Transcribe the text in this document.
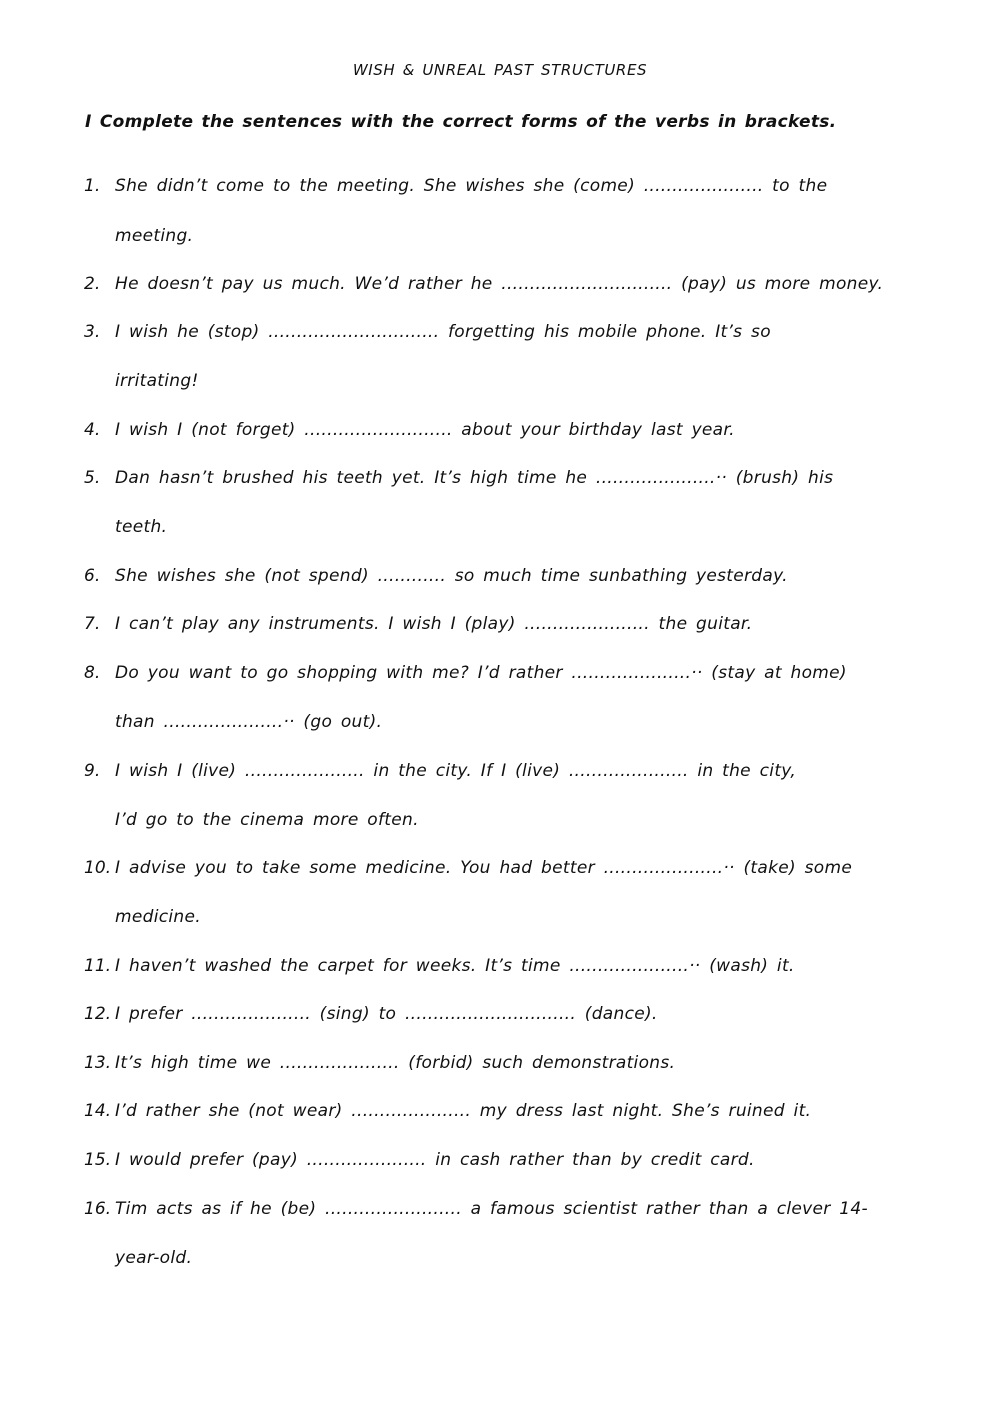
WISH & UNREAL PAST STRUCTURES
I Complete the sentences with the correct forms of the verbs in brackets.
1. She didn’t come to the meeting. She wishes she (come) ..................... to the
meeting.
2. He doesn’t pay us much. We’d rather he .............................. (pay) us more money.
3. I wish he (stop) .............................. forgetting his mobile phone. It’s so
irritating!
4. I wish I (not forget) .......................... about your birthday last year.
5. Dan hasn’t brushed his teeth yet. It’s high time he .....................·· (brush) his
teeth.
6. She wishes she (not spend) ............ so much time sunbathing yesterday.
7. I can’t play any instruments. I wish I (play) ...................... the guitar.
8. Do you want to go shopping with me? I’d rather .....................·· (stay at home)
than .....................·· (go out).
9. I wish I (live) ..................... in the city. If I (live) ..................... in the city,
I’d go to the cinema more often.
10. I advise you to take some medicine. You had better .....................·· (take) some
medicine.
11. I haven’t washed the carpet for weeks. It’s time .....................·· (wash) it.
12. I prefer ..................... (sing) to .............................. (dance).
13. It’s high time we ..................... (forbid) such demonstrations.
14. I’d rather she (not wear) ..................... my dress last night. She’s ruined it.
15. I would prefer (pay) ..................... in cash rather than by credit card.
16. Tim acts as if he (be) ........................ a famous scientist rather than a clever 14-
year-old.
